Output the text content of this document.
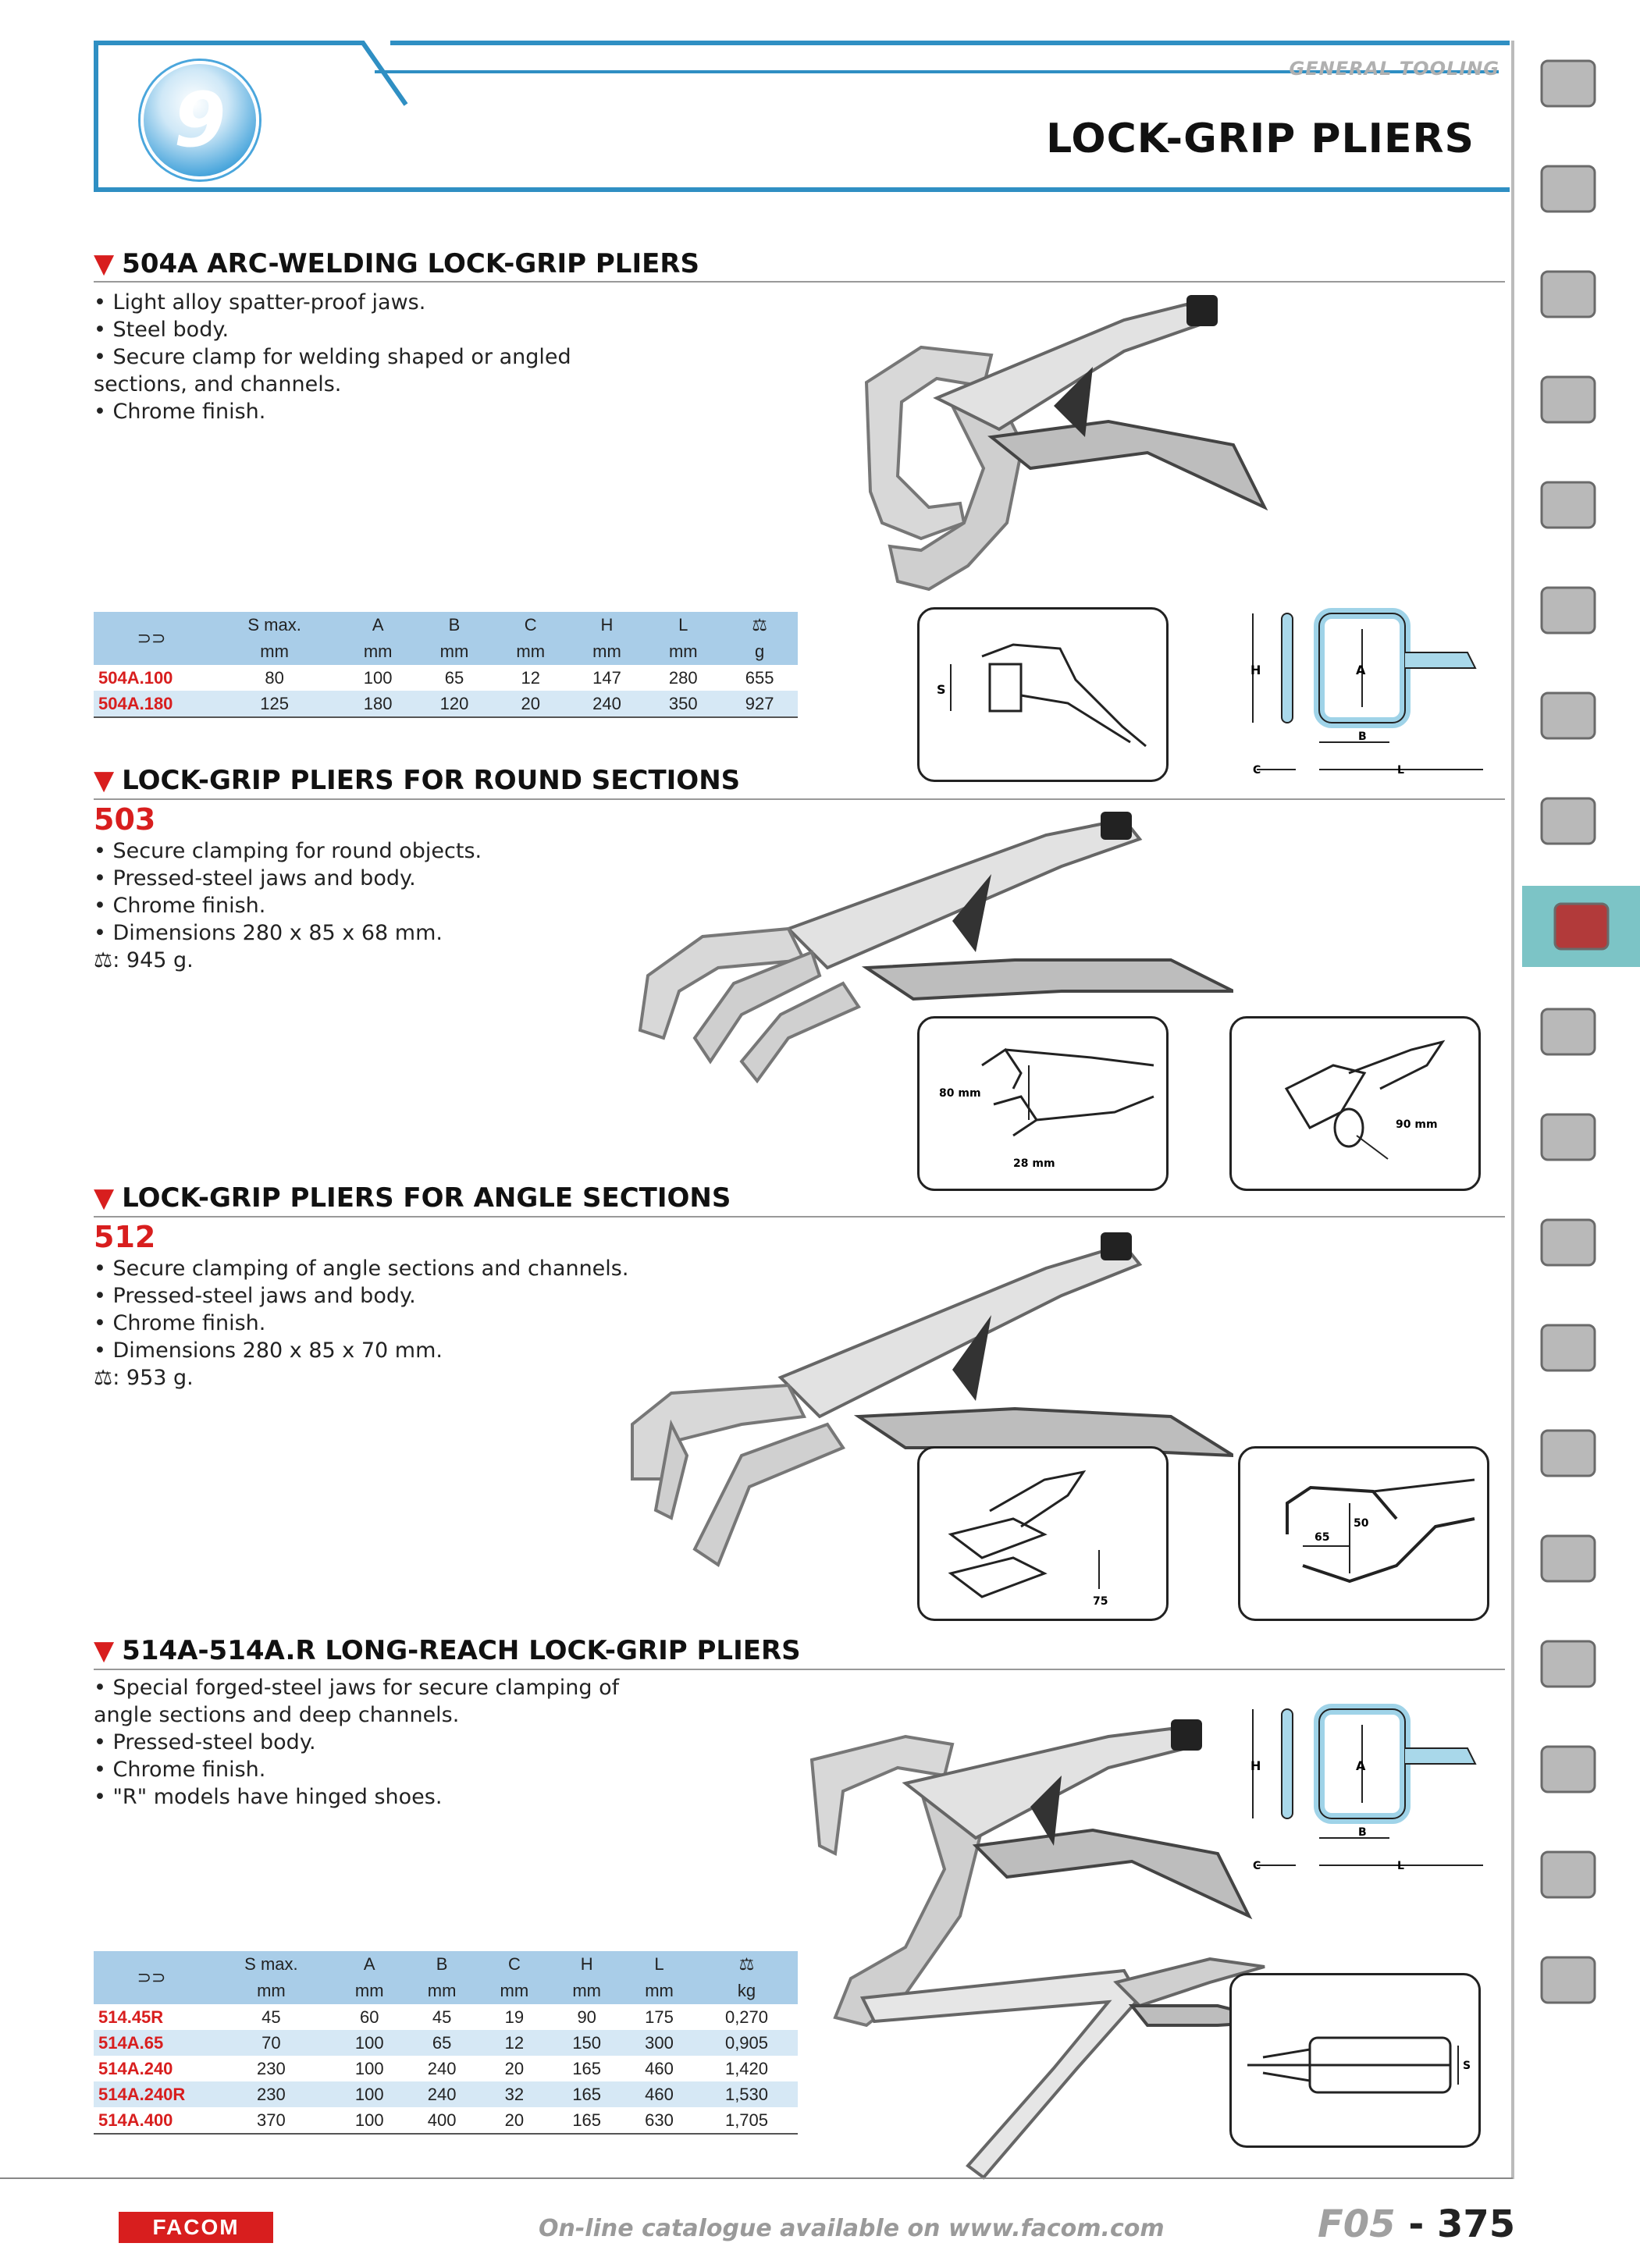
9
GENERAL TOOLING
LOCK-GRIP PLIERS
▼ 504A ARC-WELDING LOCK-GRIP PLIERS
• Light alloy spatter-proof jaws.
• Steel body.
• Secure clamp for welding shaped or angled sections, and channels.
• Chrome finish.
⊃⊃	S max.	A	B	C	H	L	⚖
	mm	mm	mm	mm	mm	mm	g
504A.100	80	100	65	12	147	280	655
504A.180	125	180	120	20	240	350	927
S
H	A
B
C	L
▼ LOCK-GRIP PLIERS FOR ROUND SECTIONS
503
• Secure clamping for round objects.
• Pressed-steel jaws and body.
• Chrome finish.
• Dimensions 280 x 85 x 68 mm.
⚖: 945 g.
80 mm
28 mm
90 mm
▼ LOCK-GRIP PLIERS FOR ANGLE SECTIONS
512
• Secure clamping of angle sections and channels.
• Pressed-steel jaws and body.
• Chrome finish.
• Dimensions 280 x 85 x 70 mm.
⚖: 953 g.
75
50
65
▼ 514A-514A.R LONG-REACH LOCK-GRIP PLIERS
• Special forged-steel jaws for secure clamping of angle sections and deep channels.
• Pressed-steel body.
• Chrome finish.
• "R" models have hinged shoes.
H	A
B
C	L
⊃⊃	S max.	A	B	C	H	L	⚖
	mm	mm	mm	mm	mm	mm	kg
514.45R	45	60	45	19	90	175	0,270
514A.65	70	100	65	12	150	300	0,905
514A.240	230	100	240	20	165	460	1,420
514A.240R	230	100	240	32	165	460	1,530
514A.400	370	100	400	20	165	630	1,705
S
FACOM	On-line catalogue available on www.facom.com	F05 - 375
